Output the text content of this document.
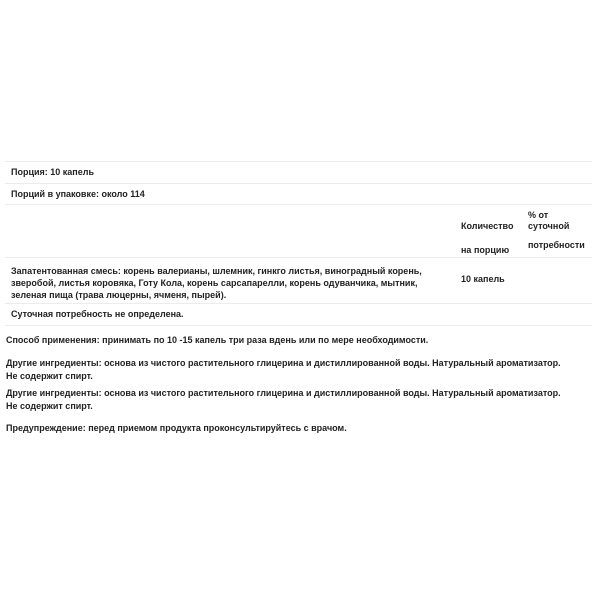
Порция: 10 капель
Порций в упаковке: около 114
Количество
на порцию
% от
суточной
потребности
Запатентованная смесь: корень валерианы, шлемник, гинкго листья, виноградный корень,
зверобой, листья коровяка, Готу Кола, корень сарсапарелли, корень одуванчика, мытник,
зеленая пища (трава люцерны, ячменя, пырей).
10 капель
Суточная потребность не определена.

Способ применения: принимать по 10 -15 капель три раза вдень или по мере необходимости.

Другие ингредиенты: основа из чистого растительного глицерина и дистиллированной воды. Натуральный ароматизатор.

Не содержит спирт.

Другие ингредиенты: основа из чистого растительного глицерина и дистиллированной воды. Натуральный ароматизатор.

Не содержит спирт.

Предупреждение: перед приемом продукта проконсультируйтесь с врачом.
